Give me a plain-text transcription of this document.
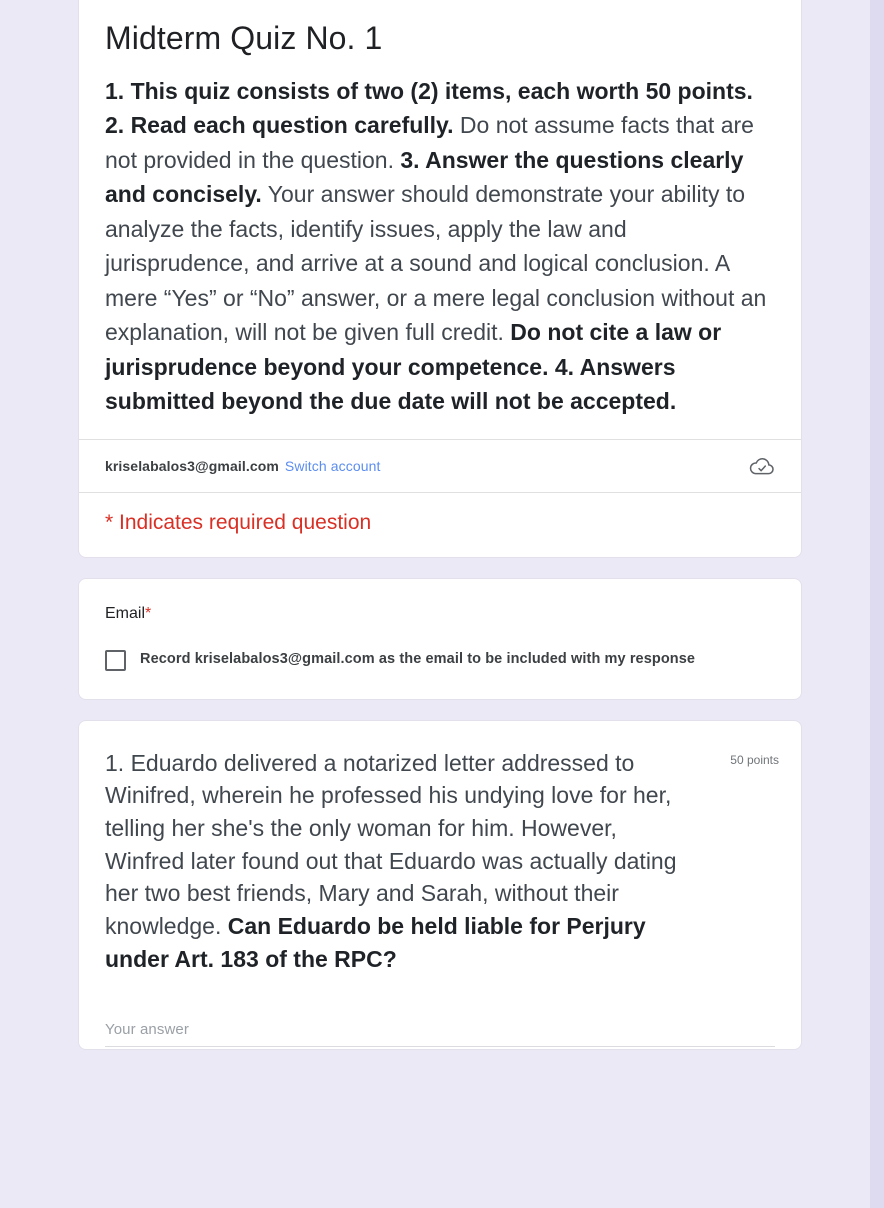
Midterm Quiz No. 1
1. This quiz consists of two (2) items, each worth 50 points. 2. Read each question carefully. Do not assume facts that are not provided in the question. 3. Answer the questions clearly and concisely. Your answer should demonstrate your ability to analyze the facts, identify issues, apply the law and jurisprudence, and arrive at a sound and logical conclusion. A mere “Yes” or “No” answer, or a mere legal conclusion without an explanation, will not be given full credit. Do not cite a law or jurisprudence beyond your competence. 4. Answers submitted beyond the due date will not be accepted.
kriselabalos3@gmail.com Switch account
* Indicates required question
Email*
Record kriselabalos3@gmail.com as the email to be included with my response
50 points
1. Eduardo delivered a notarized letter addressed to Winifred, wherein he professed his undying love for her, telling her she's the only woman for him. However, Winfred later found out that Eduardo was actually dating her two best friends, Mary and Sarah, without their knowledge. Can Eduardo be held liable for Perjury under Art. 183 of the RPC?
Your answer
